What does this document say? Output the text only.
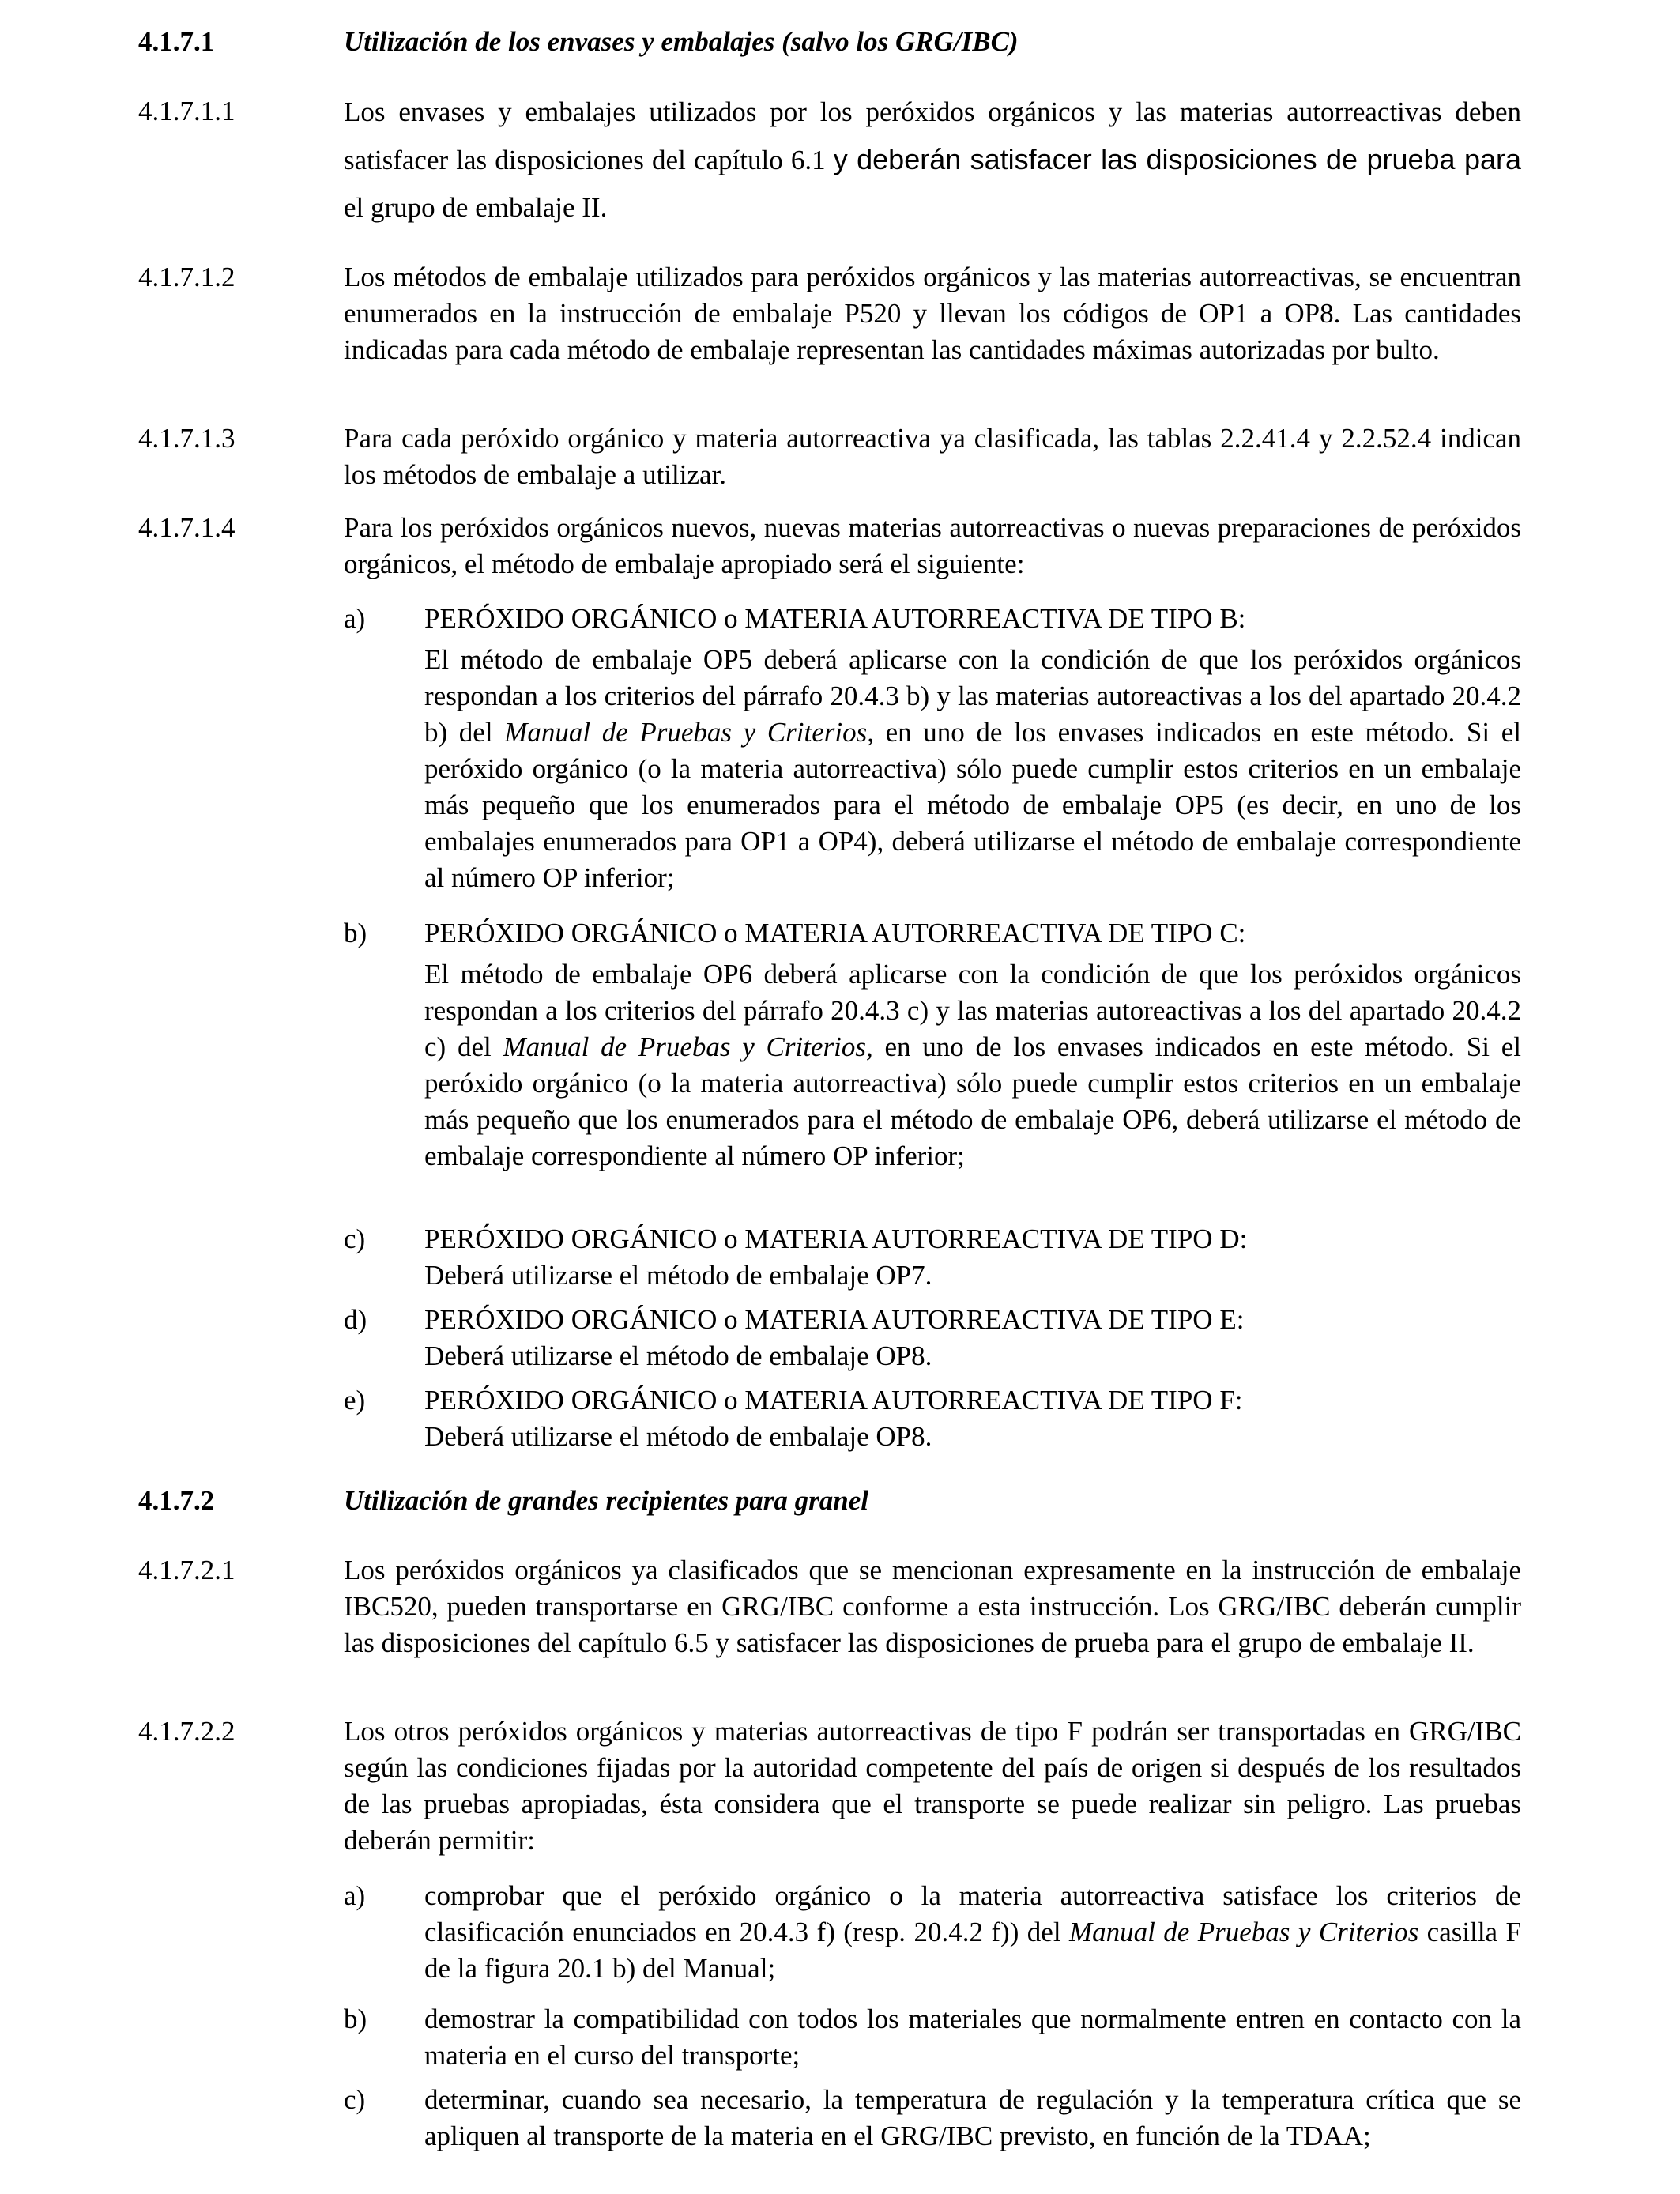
4.1.7.1	Utilización de los envases y embalajes (salvo los GRG/IBC)
4.1.7.1.1	Los envases y embalajes utilizados por los peróxidos orgánicos y las materias autorreactivas deben satisfacer las disposiciones del capítulo 6.1 y deberán satisfacer las disposiciones de prueba para el grupo de embalaje II.
4.1.7.1.2	Los métodos de embalaje utilizados para peróxidos orgánicos y las materias autorreactivas, se encuentran enumerados en la instrucción de embalaje P520 y llevan los códigos de OP1 a OP8. Las cantidades indicadas para cada método de embalaje representan las cantidades máximas autorizadas por bulto.
4.1.7.1.3	Para cada peróxido orgánico y materia autorreactiva ya clasificada, las tablas 2.2.41.4 y 2.2.52.4 indican los métodos de embalaje a utilizar.
4.1.7.1.4	Para los peróxidos orgánicos nuevos, nuevas materias autorreactivas o nuevas preparaciones de peróxidos orgánicos, el método de embalaje apropiado será el siguiente:
a) PERÓXIDO ORGÁNICO o MATERIA AUTORREACTIVA DE TIPO B:
El método de embalaje OP5 deberá aplicarse con la condición de que los peróxidos orgánicos respondan a los criterios del párrafo 20.4.3 b) y las materias autoreactivas a los del apartado 20.4.2 b) del Manual de Pruebas y Criterios, en uno de los envases indicados en este método. Si el peróxido orgánico (o la materia autorreactiva) sólo puede cumplir estos criterios en un embalaje más pequeño que los enumerados para el método de embalaje OP5 (es decir, en uno de los embalajes enumerados para OP1 a OP4), deberá utilizarse el método de embalaje correspondiente al número OP inferior;
b) PERÓXIDO ORGÁNICO o MATERIA AUTORREACTIVA DE TIPO C:
El método de embalaje OP6 deberá aplicarse con la condición de que los peróxidos orgánicos respondan a los criterios del párrafo 20.4.3 c) y las materias autoreactivas a los del apartado 20.4.2 c) del Manual de Pruebas y Criterios, en uno de los envases indicados en este método. Si el peróxido orgánico (o la materia autorreactiva) sólo puede cumplir estos criterios en un embalaje más pequeño que los enumerados para el método de embalaje OP6, deberá utilizarse el método de embalaje correspondiente al número OP inferior;
c) PERÓXIDO ORGÁNICO o MATERIA AUTORREACTIVA DE TIPO D:
Deberá utilizarse el método de embalaje OP7.
d) PERÓXIDO ORGÁNICO o MATERIA AUTORREACTIVA DE TIPO E:
Deberá utilizarse el método de embalaje OP8.
e) PERÓXIDO ORGÁNICO o MATERIA AUTORREACTIVA DE TIPO F:
Deberá utilizarse el método de embalaje OP8.
4.1.7.2	Utilización de grandes recipientes para granel
4.1.7.2.1	Los peróxidos orgánicos ya clasificados que se mencionan expresamente en la instrucción de embalaje IBC520, pueden transportarse en GRG/IBC conforme a esta instrucción. Los GRG/IBC deberán cumplir las disposiciones del capítulo 6.5 y satisfacer las disposiciones de prueba para el grupo de embalaje II.
4.1.7.2.2	Los otros peróxidos orgánicos y materias autorreactivas de tipo F podrán ser transportadas en GRG/IBC según las condiciones fijadas por la autoridad competente del país de origen si después de los resultados de las pruebas apropiadas, ésta considera que el transporte se puede realizar sin peligro. Las pruebas deberán permitir:
a) comprobar que el peróxido orgánico o la materia autorreactiva satisface los criterios de clasificación enunciados en 20.4.3 f) (resp. 20.4.2 f)) del Manual de Pruebas y Criterios casilla F de la figura 20.1 b) del Manual;
b) demostrar la compatibilidad con todos los materiales que normalmente entren en contacto con la materia en el curso del transporte;
c) determinar, cuando sea necesario, la temperatura de regulación y la temperatura crítica que se apliquen al transporte de la materia en el GRG/IBC previsto, en función de la TDAA;
